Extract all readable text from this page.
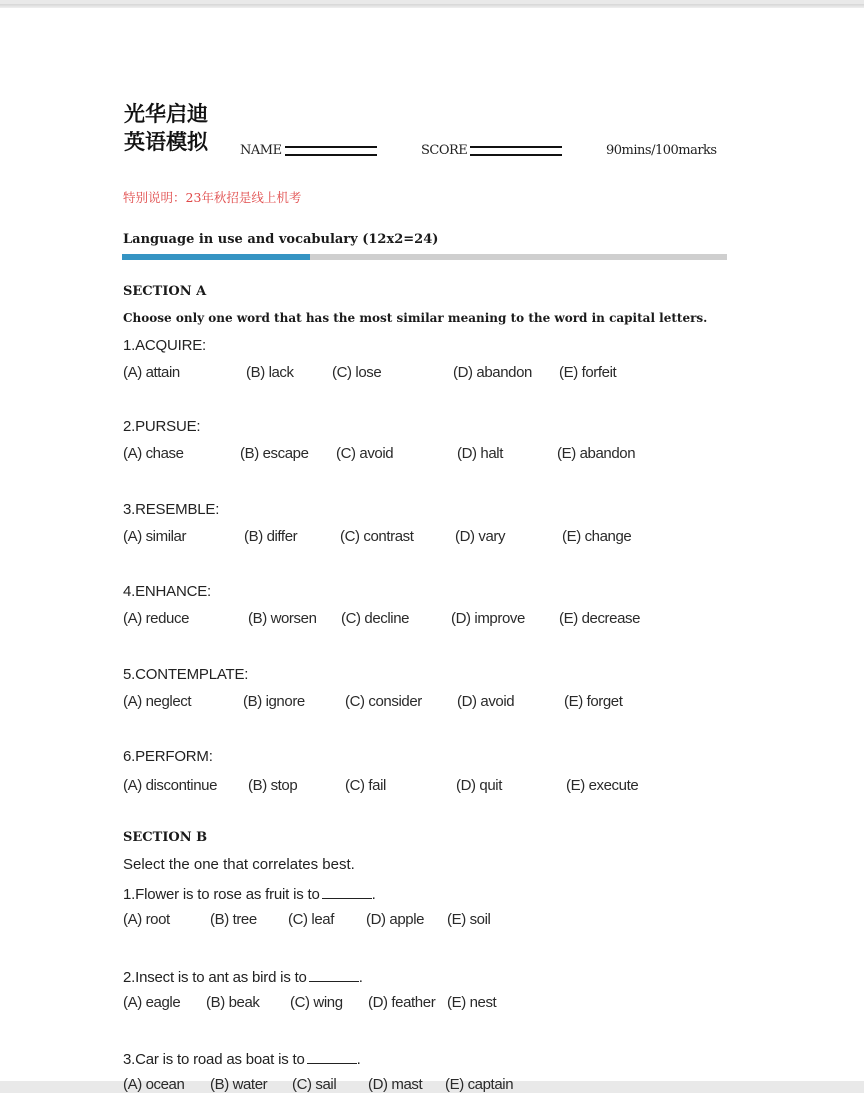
光华启迪
英语模拟 NAME	SCORE	90mins/100marks
特别说明：23年秋招是线上机考
Language in use and vocabulary (12x2=24)
SECTION A
Choose only one word that has the most similar meaning to the word in capital letters.
1.ACQUIRE:
(A) attain	(B) lack	(C) lose	(D) abandon (E) forfeit
2.PURSUE:
(A) chase	(B) escape (C) avoid	(D) halt	(E) abandon
3.RESEMBLE:
(A) similar	(B) differ	(C) contrast	(D) vary	(E) change
4.ENHANCE:
(A) reduce	(B) worsen (C) decline	(D) improve (E) decrease
5.CONTEMPLATE:
(A) neglect	(B) ignore	(C) consider (D) avoid	(E) forget
6.PERFORM:
(A) discontinue (B) stop	(C) fail	(D) quit	(E) execute
SECTION B
Select the one that correlates best.
1.Flower is to rose as fruit is to	.
(A) root	(B) tree (C) leaf (D) apple (E) soil
2.Insect is to ant as bird is to	.
(A) eagle (B) beak (C) wing (D) feather (E) nest
3.Car is to road as boat is to	.
(A) ocean (B) water (C) sail (D) mast (E) captain
